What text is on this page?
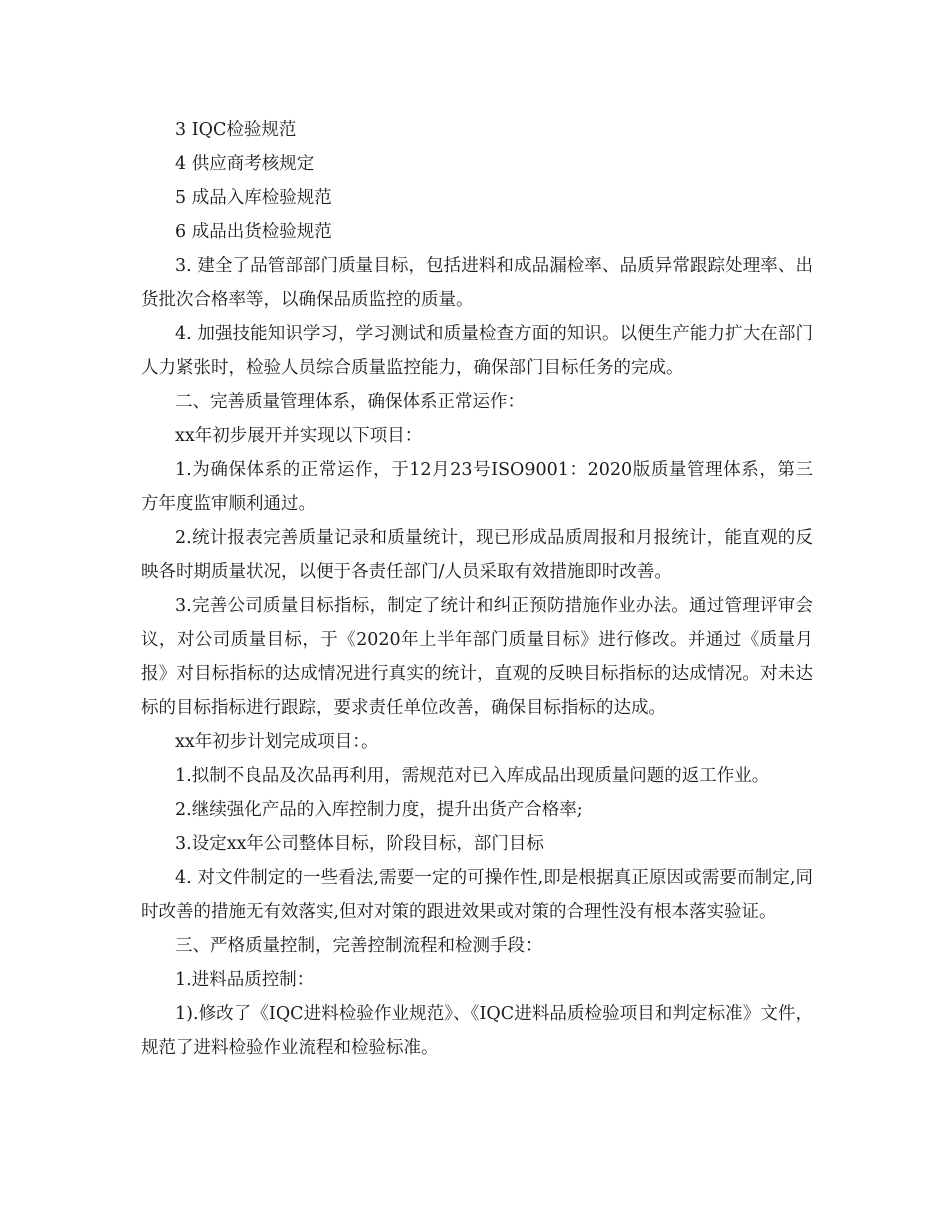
3 IQC检验规范

4 供应商考核规定

5 成品入库检验规范

6 成品出货检验规范

3. 建全了品管部部门质量目标，包括进料和成品漏检率、品质异常跟踪处理率、出货批次合格率等，以确保品质监控的质量。

4. 加强技能知识学习，学习测试和质量检查方面的知识。以便生产能力扩大在部门人力紧张时，检验人员综合质量监控能力，确保部门目标任务的完成。

二、完善质量管理体系，确保体系正常运作：

xx年初步展开并实现以下项目：

1.为确保体系的正常运作，于12月23号ISO9001：2020版质量管理体系，第三方年度监审顺利通过。

2.统计报表完善质量记录和质量统计，现已形成品质周报和月报统计，能直观的反映各时期质量状况，以便于各责任部门/人员采取有效措施即时改善。

3.完善公司质量目标指标，制定了统计和纠正预防措施作业办法。通过管理评审会议，对公司质量目标，于《2020年上半年部门质量目标》进行修改。并通过《质量月报》对目标指标的达成情况进行真实的统计，直观的反映目标指标的达成情况。对未达标的目标指标进行跟踪，要求责任单位改善，确保目标指标的达成。

xx年初步计划完成项目：。

1.拟制不良品及次品再利用，需规范对已入库成品出现质量问题的返工作业。

2.继续强化产品的入库控制力度，提升出货产合格率;

3.设定xx年公司整体目标，阶段目标，部门目标

4. 对文件制定的一些看法,需要一定的可操作性,即是根据真正原因或需要而制定,同时改善的措施无有效落实,但对对策的跟进效果或对策的合理性没有根本落实验证。

三、严格质量控制，完善控制流程和检测手段：

1.进料品质控制：

1).修改了《IQC进料检验作业规范》、《IQC进料品质检验项目和判定标准》文件，规范了进料检验作业流程和检验标准。
